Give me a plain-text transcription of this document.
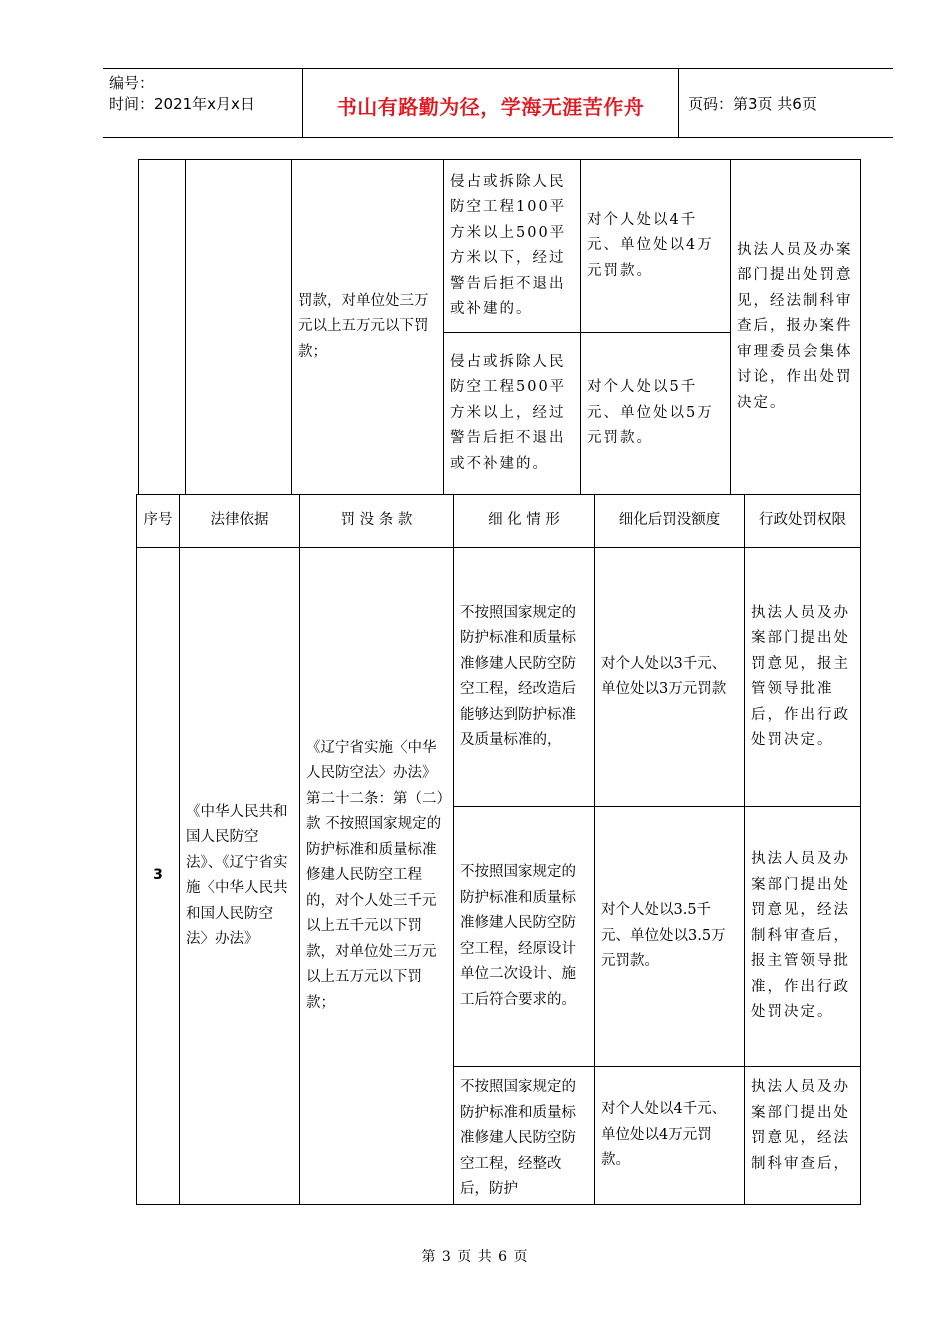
编号：
时间：2021年x月x日	书山有路勤为径，学海无涯苦作舟	页码：第3页 共6页
		罚款，对单位处三万元以上五万元以下罚款；	侵占或拆除人民防空工程100平方米以上500平方米以下，经过警告后拒不退出或补建的。	对个人处以4千元、单位处以4万元罚款。	执法人员及办案部门提出处罚意见，经法制科审查后，报办案件审理委员会集体讨论，作出处罚决定。
			侵占或拆除人民防空工程500平方米以上，经过警告后拒不退出或不补建的。	对个人处以5千元、单位处以5万元罚款。	
序号	法律依据	罚 没 条 款	细 化 情 形	细化后罚没额度	行政处罚权限
3	《中华人民共和国人民防空法》、《辽宁省实施〈中华人民共和国人民防空法〉办法》	《辽宁省实施〈中华人民防空法〉办法》第二十二条：第（二）款 不按照国家规定的防护标准和质量标准修建人民防空工程的，对个人处三千元以上五千元以下罚款，对单位处三万元以上五万元以下罚款；	不按照国家规定的防护标准和质量标准修建人民防空防空工程，经改造后能够达到防护标准及质量标准的，	对个人处以3千元、单位处以3万元罚款	执法人员及办案部门提出处罚意见，报主管领导批准后，作出行政处罚决定。
			不按照国家规定的防护标准和质量标准修建人民防空防空工程，经原设计单位二次设计、施工后符合要求的。	对个人处以3.5千元、单位处以3.5万元罚款。	执法人员及办案部门提出处罚意见，经法制科审查后，报主管领导批准，作出行政处罚决定。
			不按照国家规定的防护标准和质量标准修建人民防空防空工程，经整改后，防护	对个人处以4千元、单位处以4万元罚款。	执法人员及办案部门提出处罚意见，经法制科审查后，
第 3 页 共 6 页
